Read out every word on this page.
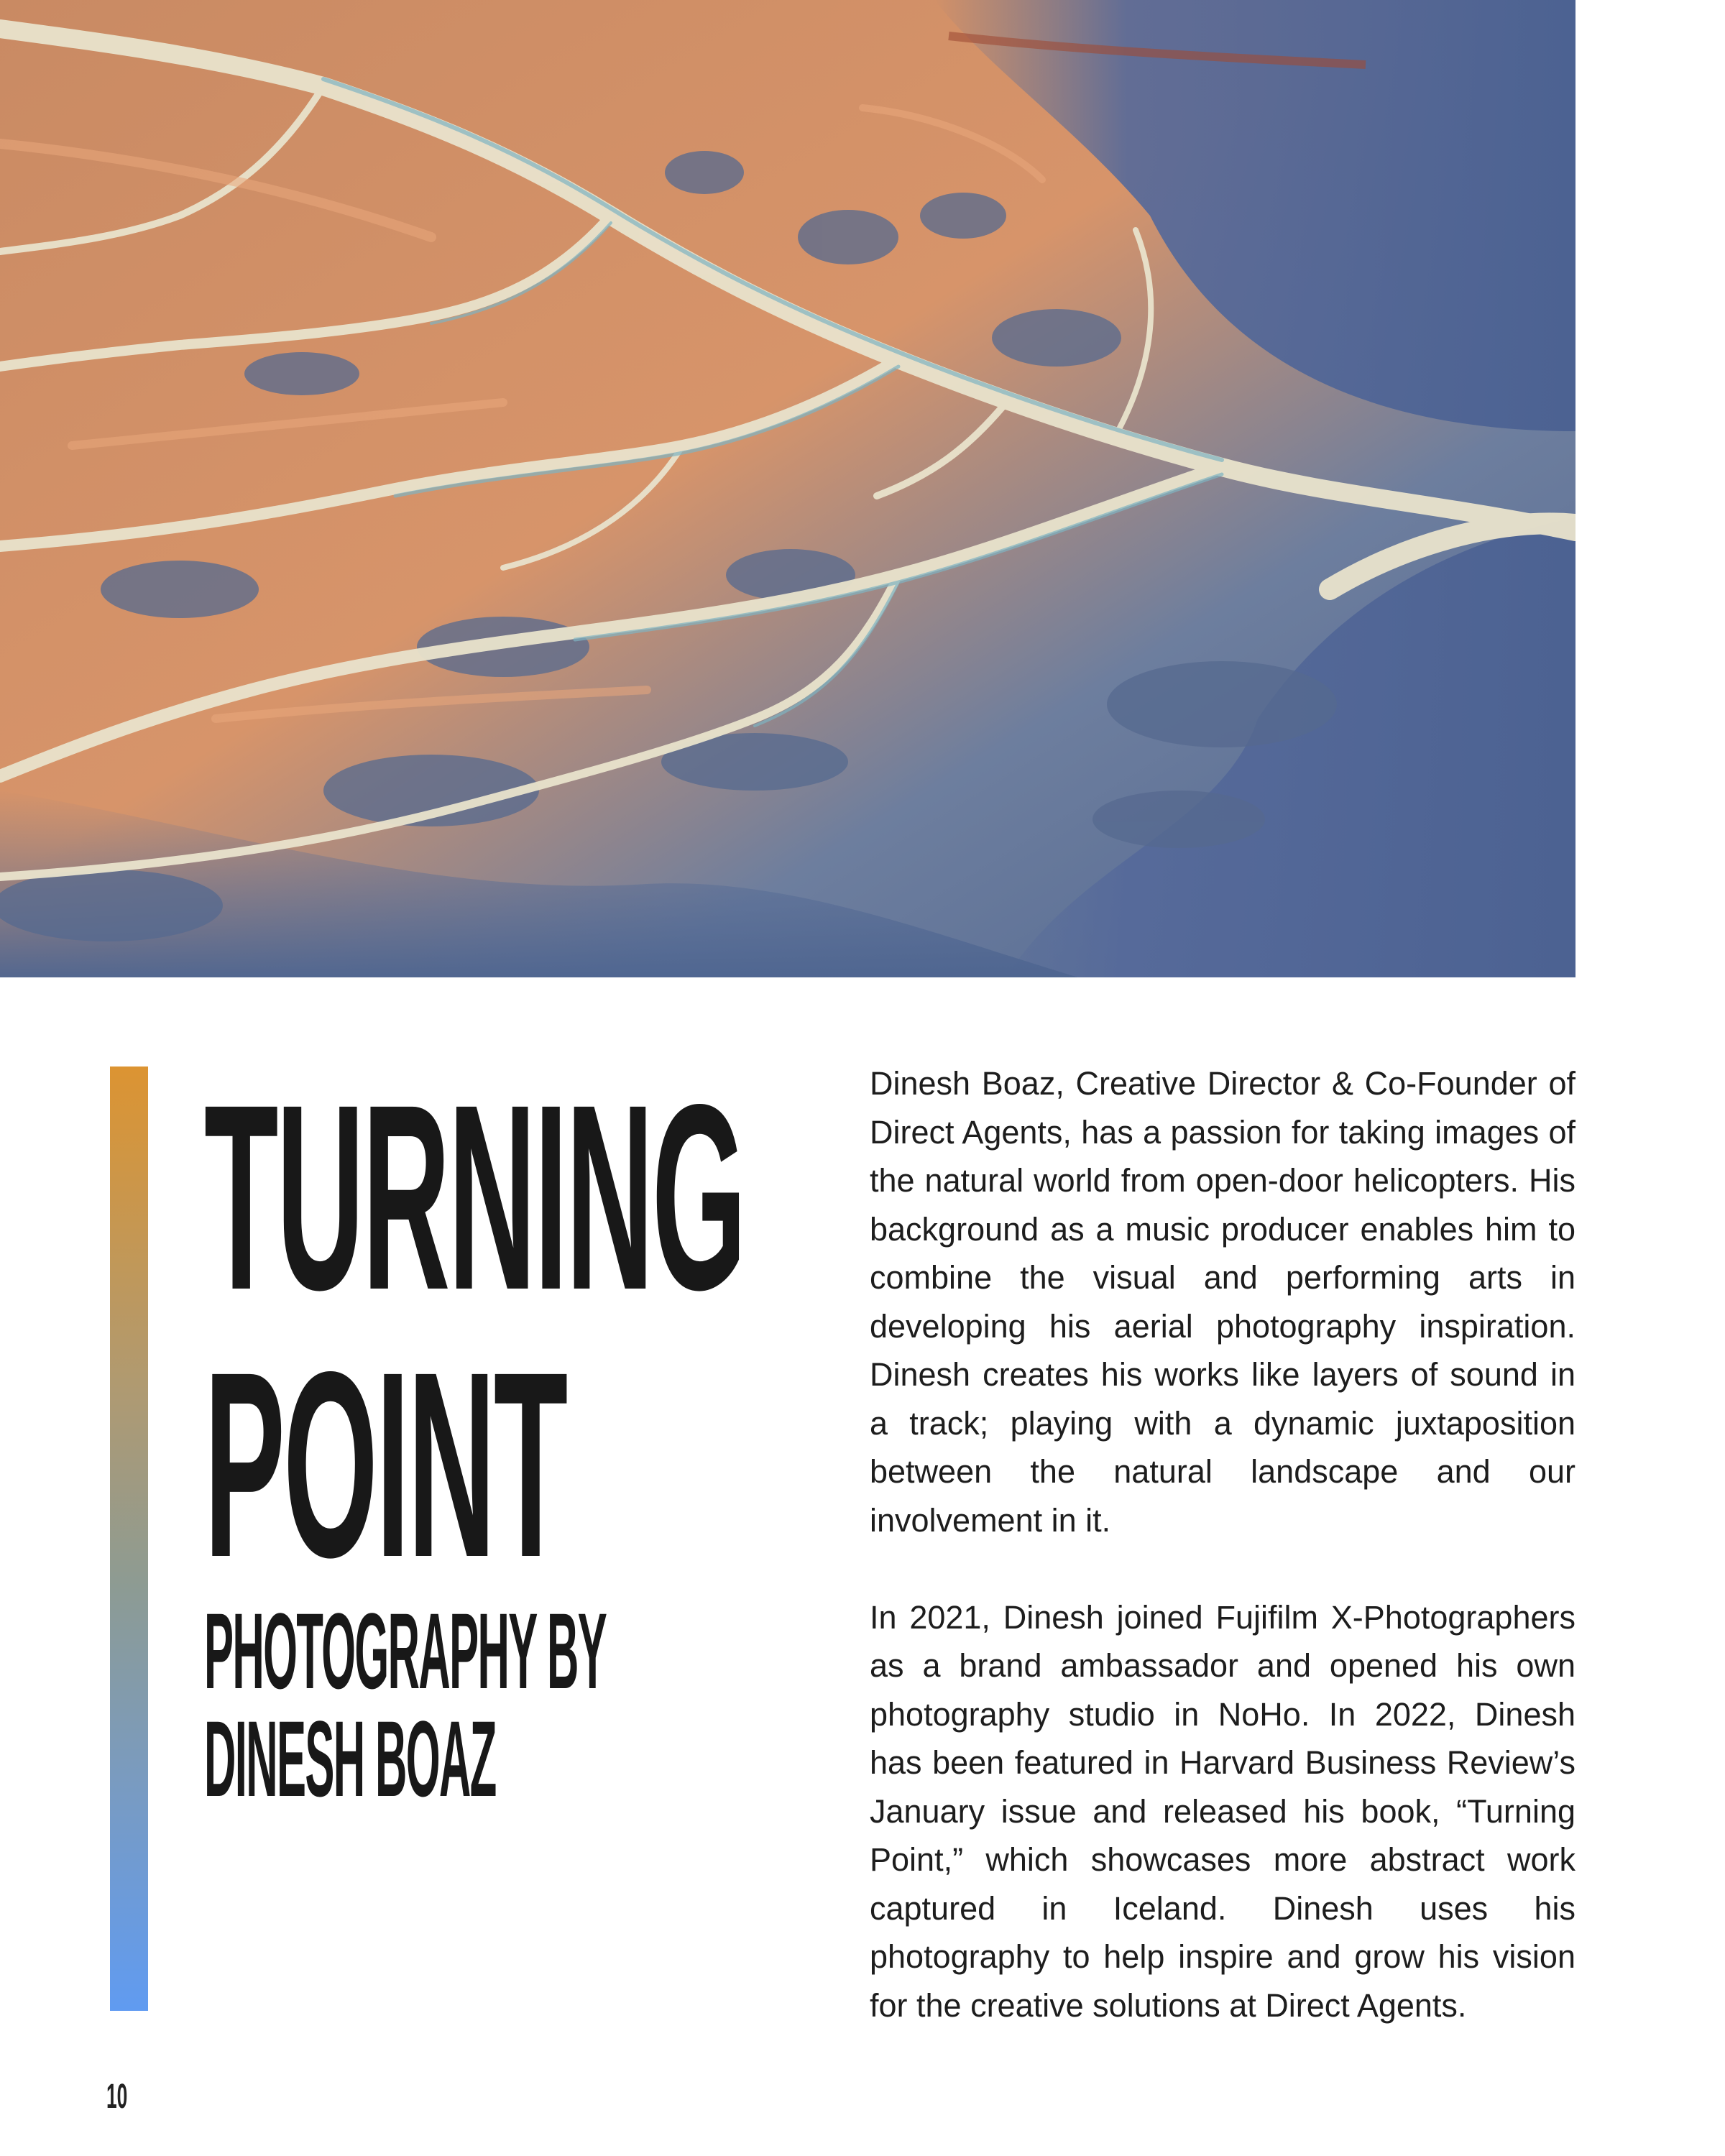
TURNING
POINT
PHOTOGRAPHY BY
DINESH BOAZ

Dinesh Boaz, Creative Director & Co-Founder of Direct Agents, has a passion for taking images of the natural world from open-door helicopters. His background as a music producer enables him to combine the visual and performing arts in developing his aerial photography inspiration. Dinesh creates his works like layers of sound in a track; playing with a dynamic juxtaposition between the natural landscape and our involvement in it.

In 2021, Dinesh joined Fujifilm X-Photographers as a brand ambassador and opened his own photography studio in NoHo. In 2022, Dinesh has been featured in Harvard Business Review’s January issue and released his book, “Turning Point,” which showcases more abstract work captured in Iceland. Dinesh uses his photography to help inspire and grow his vision for the creative solutions at Direct Agents.

10
